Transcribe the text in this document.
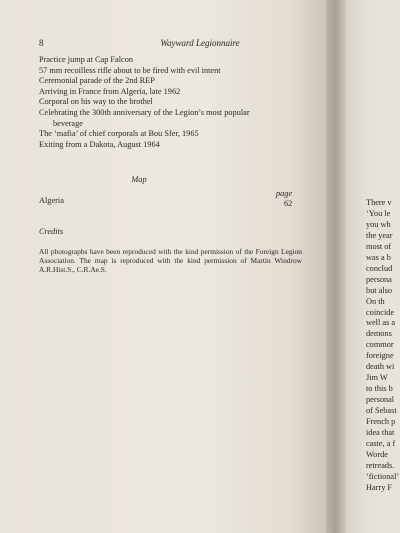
8	Wayward Legionnaire
Practice jump at Cap Falcon
57 mm recoilless rifle about to be fired with evil intent
Ceremonial parade of the 2nd REP
Arriving in France from Algeria, late 1962
Corporal on his way to the brothel
Celebrating the 300th anniversary of the Legion’s most popular
beverage
The ‘mafia’ of chief corporals at Bou Sfer, 1965
Exiting from a Dakota, August 1964
Map
page
Algeria	62
Credits
All photographs have been reproduced with the kind permission of the Foreign Legion Association. The map is reproduced with the kind permission of Martin Windrow A.R.Hist.S., C.R.Ae.S.
There v
‘You le
you wh
the year
most of
was a b
conclud
persona
but also
On th
coincide
well as a
demons
commor
foreigne
death wi
Jim W
to this b
personal
of Sebast
French p
idea that
caste, a f
Worde
retreads.
‘fictional’
Harry F
